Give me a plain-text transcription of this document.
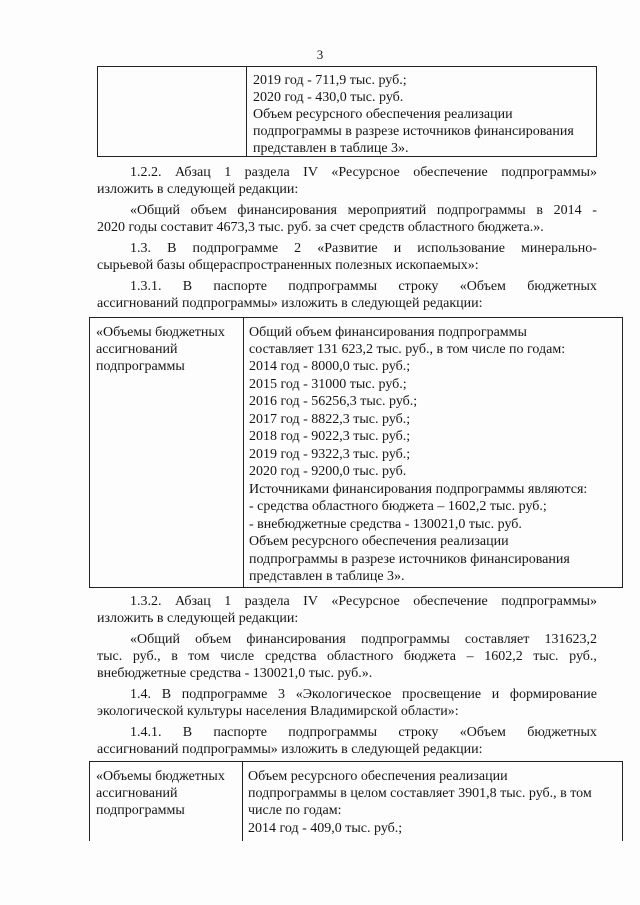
3
2019 год - 711,9 тыс. руб.;
2020 год - 430,0 тыс. руб.
Объем ресурсного обеспечения реализации
подпрограммы в разрезе источников финансирования
представлен в таблице 3».
1.2.2. Абзац 1 раздела IV «Ресурсное обеспечение подпрограммы»
изложить в следующей редакции:
«Общий объем финансирования мероприятий подпрограммы в 2014 -
2020 годы составит 4673,3 тыс. руб. за счет средств областного бюджета.».
1.3. В подпрограмме 2 «Развитие и использование минерально-
сырьевой базы общераспространенных полезных ископаемых»:
1.3.1. В паспорте подпрограммы строку «Объем бюджетных
ассигнований подпрограммы» изложить в следующей редакции:
«Объемы бюджетных
ассигнований
подпрограммы
Общий объем финансирования подпрограммы
составляет 131 623,2 тыс. руб., в том числе по годам:
2014 год - 8000,0 тыс. руб.;
2015 год - 31000 тыс. руб.;
2016 год - 56256,3 тыс. руб.;
2017 год - 8822,3 тыс. руб.;
2018 год - 9022,3 тыс. руб.;
2019 год - 9322,3 тыс. руб.;
2020 год - 9200,0 тыс. руб.
Источниками финансирования подпрограммы являются:
- средства областного бюджета – 1602,2 тыс. руб.;
- внебюджетные средства - 130021,0 тыс. руб.
Объем ресурсного обеспечения реализации
подпрограммы в разрезе источников финансирования
представлен в таблице 3».
1.3.2. Абзац 1 раздела IV «Ресурсное обеспечение подпрограммы»
изложить в следующей редакции:
«Общий объем финансирования подпрограммы составляет 131623,2
тыс. руб., в том числе средства областного бюджета – 1602,2 тыс. руб.,
внебюджетные средства - 130021,0 тыс. руб.».
1.4. В подпрограмме 3 «Экологическое просвещение и формирование
экологической культуры населения Владимирской области»:
1.4.1. В паспорте подпрограммы строку «Объем бюджетных
ассигнований подпрограммы» изложить в следующей редакции:
«Объемы бюджетных
ассигнований
подпрограммы
Объем ресурсного обеспечения реализации
подпрограммы в целом составляет 3901,8 тыс. руб., в том
числе по годам:
2014 год - 409,0 тыс. руб.;
